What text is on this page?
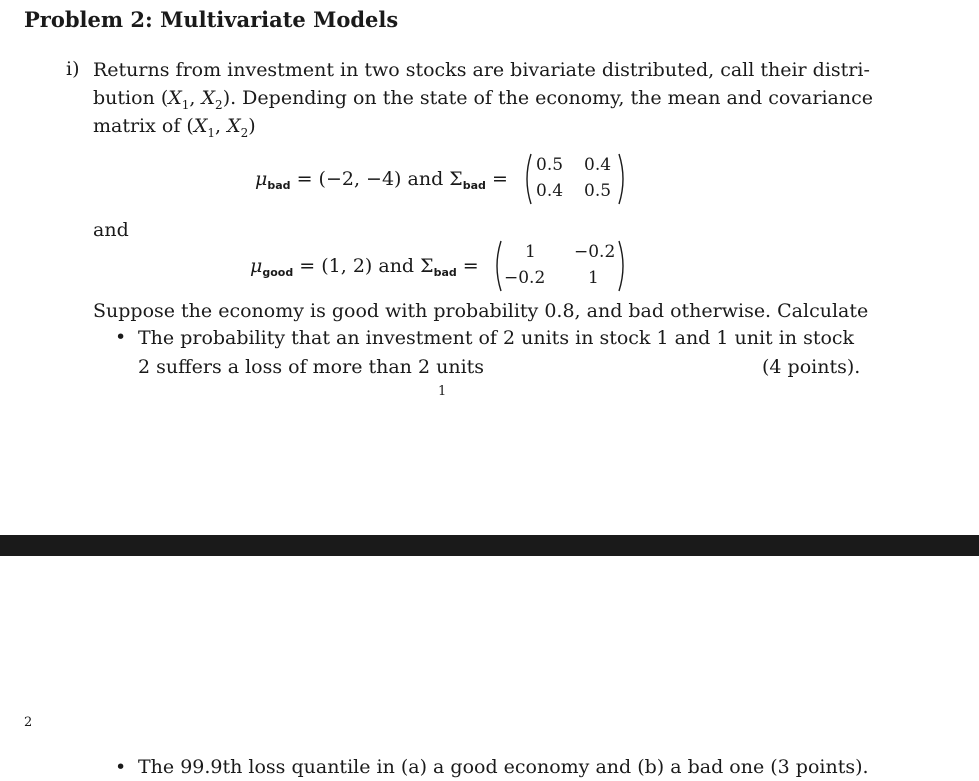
Problem 2: Multivariate Models
i) Returns from investment in two stocks are bivariate distributed, call their distri-
bution ($X_1$, $X_2$). Depending on the state of the economy, the mean and covariance
matrix of ($X_1$, $X_2$)
$\mu_{bad} = (-2$, −4) and $\Sigma_{bad}$ =
0.5 0.4
0.4 0.5
and
$\mu_{good} = (1$, 2) and $\Sigma_{bad}$ =
1 −0.2
−0.2	1
Suppose the economy is good with probability 0.8, and bad otherwise. Calculate
• The probability that an investment of 2 units in stock 1 and 1 unit in stock
2 suffers a loss of more than 2 units	(4 points).
1
2
• The 99.9th loss quantile in (a) a good economy and (b) a bad one (3 points).
